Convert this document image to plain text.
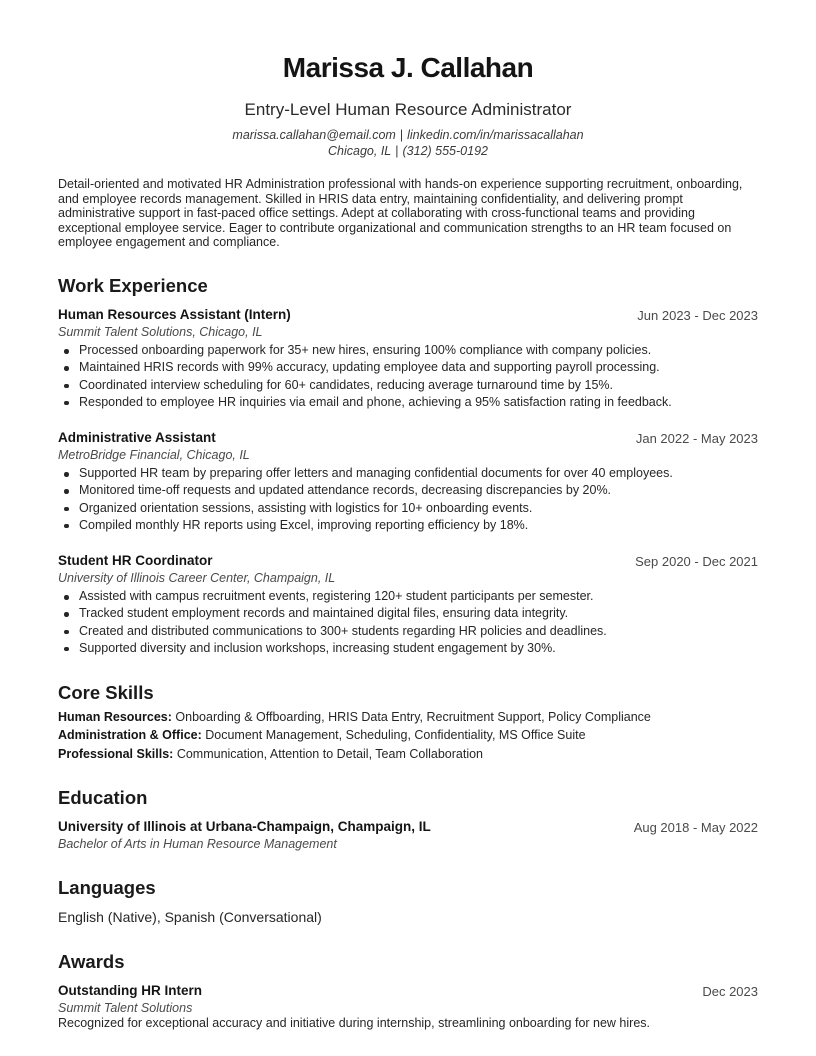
Marissa J. Callahan
Entry-Level Human Resource Administrator
marissa.callahan@email.com | linkedin.com/in/marissacallahan
Chicago, IL | (312) 555-0192
Detail-oriented and motivated HR Administration professional with hands-on experience supporting recruitment, onboarding, and employee records management. Skilled in HRIS data entry, maintaining confidentiality, and delivering prompt administrative support in fast-paced office settings. Adept at collaborating with cross-functional teams and providing exceptional employee service. Eager to contribute organizational and communication strengths to an HR team focused on employee engagement and compliance.
Work Experience
Human Resources Assistant (Intern)	Jun 2023 - Dec 2023
Summit Talent Solutions, Chicago, IL
Processed onboarding paperwork for 35+ new hires, ensuring 100% compliance with company policies.
Maintained HRIS records with 99% accuracy, updating employee data and supporting payroll processing.
Coordinated interview scheduling for 60+ candidates, reducing average turnaround time by 15%.
Responded to employee HR inquiries via email and phone, achieving a 95% satisfaction rating in feedback.
Administrative Assistant	Jan 2022 - May 2023
MetroBridge Financial, Chicago, IL
Supported HR team by preparing offer letters and managing confidential documents for over 40 employees.
Monitored time-off requests and updated attendance records, decreasing discrepancies by 20%.
Organized orientation sessions, assisting with logistics for 10+ onboarding events.
Compiled monthly HR reports using Excel, improving reporting efficiency by 18%.
Student HR Coordinator	Sep 2020 - Dec 2021
University of Illinois Career Center, Champaign, IL
Assisted with campus recruitment events, registering 120+ student participants per semester.
Tracked student employment records and maintained digital files, ensuring data integrity.
Created and distributed communications to 300+ students regarding HR policies and deadlines.
Supported diversity and inclusion workshops, increasing student engagement by 30%.
Core Skills
Human Resources: Onboarding & Offboarding, HRIS Data Entry, Recruitment Support, Policy Compliance
Administration & Office: Document Management, Scheduling, Confidentiality, MS Office Suite
Professional Skills: Communication, Attention to Detail, Team Collaboration
Education
University of Illinois at Urbana-Champaign, Champaign, IL	Aug 2018 - May 2022
Bachelor of Arts in Human Resource Management
Languages
English (Native), Spanish (Conversational)
Awards
Outstanding HR Intern	Dec 2023
Summit Talent Solutions
Recognized for exceptional accuracy and initiative during internship, streamlining onboarding for new hires.
